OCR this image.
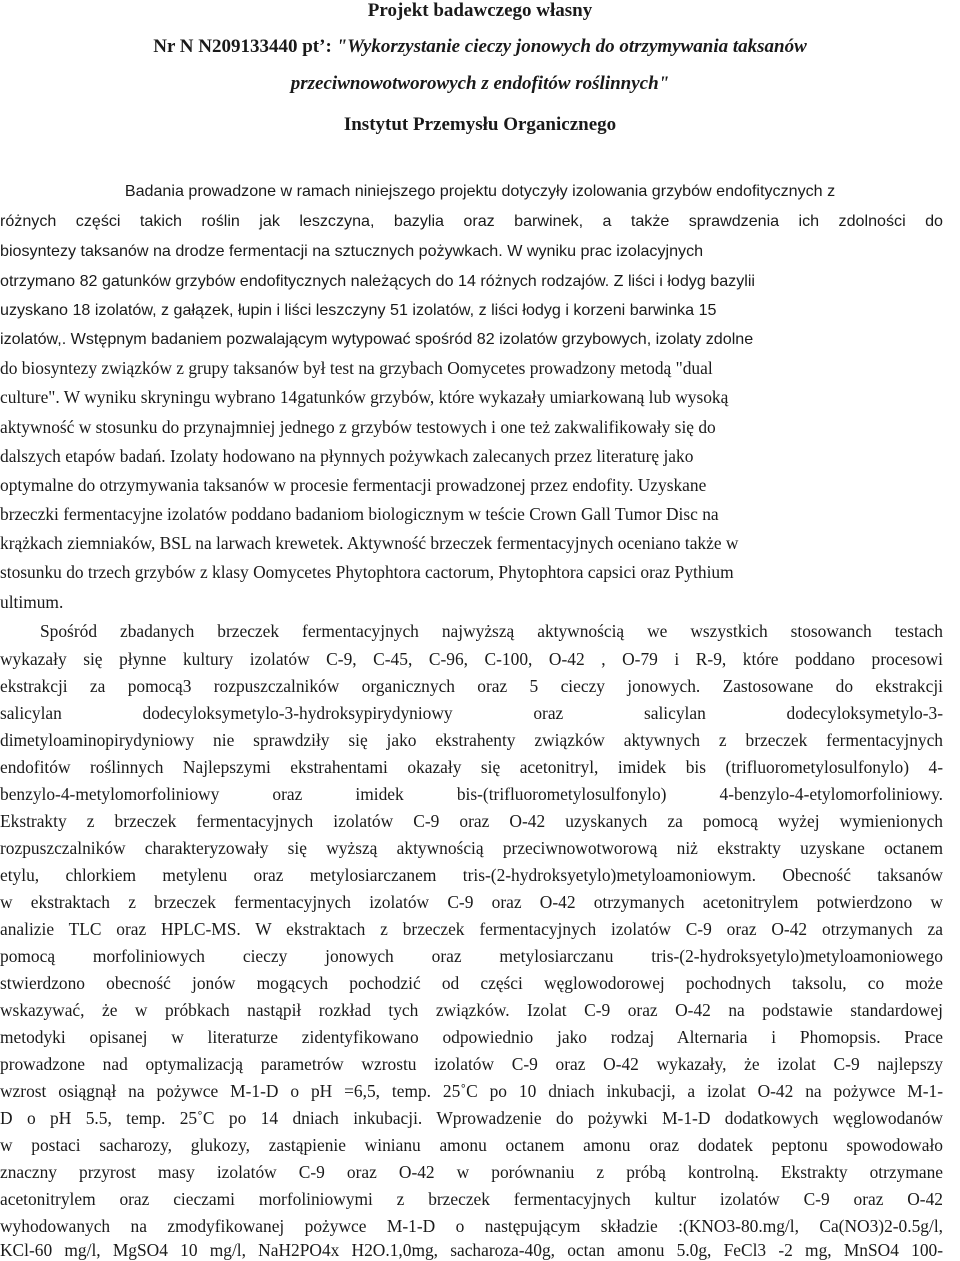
Projekt badawczego własny
Nr N N209133440 pt’: "Wykorzystanie cieczy jonowych do otrzymywania taksanów
przeciwnowotworowych z endofitów roślinnych"
Instytut Przemysłu Organicznego
Badania prowadzone w ramach niniejszego projektu dotyczyły izolowania grzybów endofitycznych z
różnych części takich roślin jak leszczyna, bazylia oraz barwinek, a także sprawdzenia ich zdolności do
biosyntezy taksanów na drodze fermentacji na sztucznych pożywkach. W wyniku prac izolacyjnych
otrzymano 82 gatunków grzybów endofitycznych należących do 14 różnych rodzajów. Z liści i łodyg bazylii
uzyskano 18 izolatów, z gałązek, łupin i liści leszczyny 51 izolatów, z liści łodyg i korzeni barwinka 15
izolatów,. Wstępnym badaniem pozwalającym wytypować spośród 82 izolatów grzybowych, izolaty zdolne
do biosyntezy związków z grupy taksanów był test na grzybach Oomycetes prowadzony metodą "dual
culture". W wyniku skryningu wybrano 14gatunków grzybów, które wykazały umiarkowaną lub wysoką
aktywność w stosunku do przynajmniej jednego z grzybów testowych i one też zakwalifikowały się do
dalszych etapów badań. Izolaty hodowano na płynnych pożywkach zalecanych przez literaturę jako
optymalne do otrzymywania taksanów w procesie fermentacji prowadzonej przez endofity. Uzyskane
brzeczki fermentacyjne izolatów poddano badaniom biologicznym w teście Crown Gall Tumor Disc na
krążkach ziemniaków, BSL na larwach krewetek. Aktywność brzeczek fermentacyjnych oceniano także w
stosunku do trzech grzybów z klasy Oomycetes Phytophtora cactorum, Phytophtora capsici oraz Pythium
ultimum.
Spośród zbadanych brzeczek fermentacyjnych najwyższą aktywnością we wszystkich stosowanch testach
wykazały się płynne kultury izolatów C-9, C-45, C-96, C-100, O-42 , O-79 i R-9, które poddano procesowi
ekstrakcji za pomocą3 rozpuszczalników organicznych oraz 5 cieczy jonowych. Zastosowane do ekstrakcji
salicylan dodecyloksymetylo-3-hydroksypirydyniowy oraz salicylan dodecyloksymetylo-3-
dimetyloaminopirydyniowy nie sprawdziły się jako ekstrahenty związków aktywnych z brzeczek fermentacyjnych
endofitów roślinnych Najlepszymi ekstrahentami okazały się acetonitryl, imidek bis (trifluorometylosulfonylo) 4-
benzylo-4-metylomorfoliniowy oraz imidek bis-(trifluorometylosulfonylo) 4-benzylo-4-etylomorfoliniowy.
Ekstrakty z brzeczek fermentacyjnych izolatów C-9 oraz O-42 uzyskanych za pomocą wyżej wymienionych
rozpuszczalników charakteryzowały się wyższą aktywnością przeciwnowotworową niż ekstrakty uzyskane octanem
etylu, chlorkiem metylenu oraz metylosiarczanem tris-(2-hydroksyetylo)metyloamoniowym. Obecność taksanów
w ekstraktach z brzeczek fermentacyjnych izolatów C-9 oraz O-42 otrzymanych acetonitrylem potwierdzono w
analizie TLC oraz HPLC-MS. W ekstraktach z brzeczek fermentacyjnych izolatów C-9 oraz O-42 otrzymanych za
pomocą morfoliniowych cieczy jonowych oraz metylosiarczanu tris-(2-hydroksyetylo)metyloamoniowego
stwierdzono obecność jonów mogących pochodzić od części węglowodorowej pochodnych taksolu, co może
wskazywać, że w próbkach nastąpił rozkład tych związków. Izolat C-9 oraz O-42 na podstawie standardowej
metodyki opisanej w literaturze zidentyfikowano odpowiednio jako rodzaj Alternaria i Phomopsis. Prace
prowadzone nad optymalizacją parametrów wzrostu izolatów C-9 oraz O-42 wykazały, że izolat C-9 najlepszy
wzrost osiągnął na pożywce M-1-D o pH =6,5, temp. 25˚C po 10 dniach inkubacji, a izolat O-42 na pożywce M-1-
D o pH 5.5, temp. 25˚C po 14 dniach inkubacji. Wprowadzenie do pożywki M-1-D dodatkowych węglowodanów
w postaci sacharozy, glukozy, zastąpienie winianu amonu octanem amonu oraz dodatek peptonu spowodowało
znaczny przyrost masy izolatów C-9 oraz O-42 w porównaniu z próbą kontrolną. Ekstrakty otrzymane
acetonitrylem oraz cieczami morfoliniowymi z brzeczek fermentacyjnych kultur izolatów C-9 oraz O-42
wyhodowanych na zmodyfikowanej pożywce M-1-D o następującym składzie :(KNO3-80.mg/l, Ca(NO3)2-0.5g/l,
KCl-60 mg/l, MgSO4 10 mg/l, NaH2PO4x H2O.1,0mg, sacharoza-40g, octan amonu 5.0g, FeCl3 -2 mg, MnSO4 100-
